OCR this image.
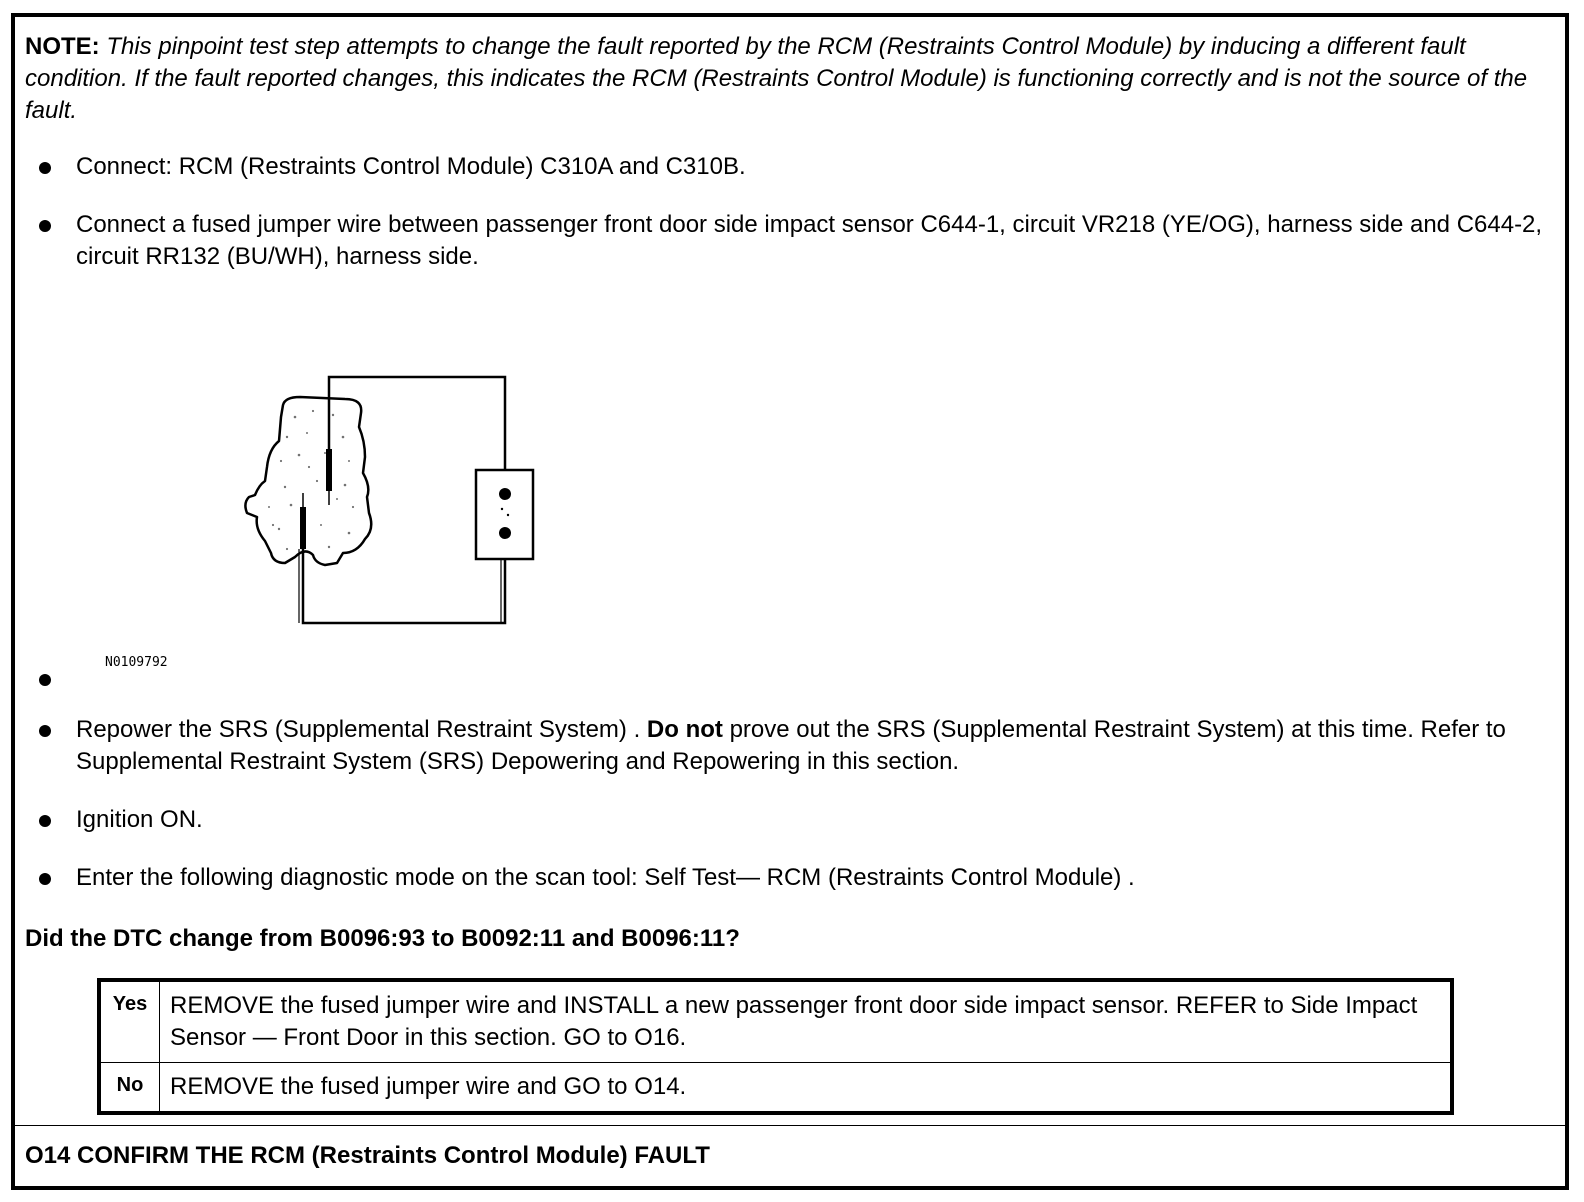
NOTE: This pinpoint test step attempts to change the fault reported by the RCM (Restraints Control Module) by inducing a different fault condition. If the fault reported changes, this indicates the RCM (Restraints Control Module) is functioning correctly and is not the source of the fault.
Connect: RCM (Restraints Control Module) C310A and C310B.
Connect a fused jumper wire between passenger front door side impact sensor C644-1, circuit VR218 (YE/OG), harness side and C644-2, circuit RR132 (BU/WH), harness side.
N0109792
Repower the SRS (Supplemental Restraint System) . Do not prove out the SRS (Supplemental Restraint System) at this time. Refer to Supplemental Restraint System (SRS) Depowering and Repowering in this section.
Ignition ON.
Enter the following diagnostic mode on the scan tool: Self Test— RCM (Restraints Control Module) .
Did the DTC change from B0096:93 to B0092:11 and B0096:11?
Yes	REMOVE the fused jumper wire and INSTALL a new passenger front door side impact sensor. REFER to Side Impact Sensor — Front Door in this section. GO to O16.
No	REMOVE the fused jumper wire and GO to O14.
O14 CONFIRM THE RCM (Restraints Control Module) FAULT
